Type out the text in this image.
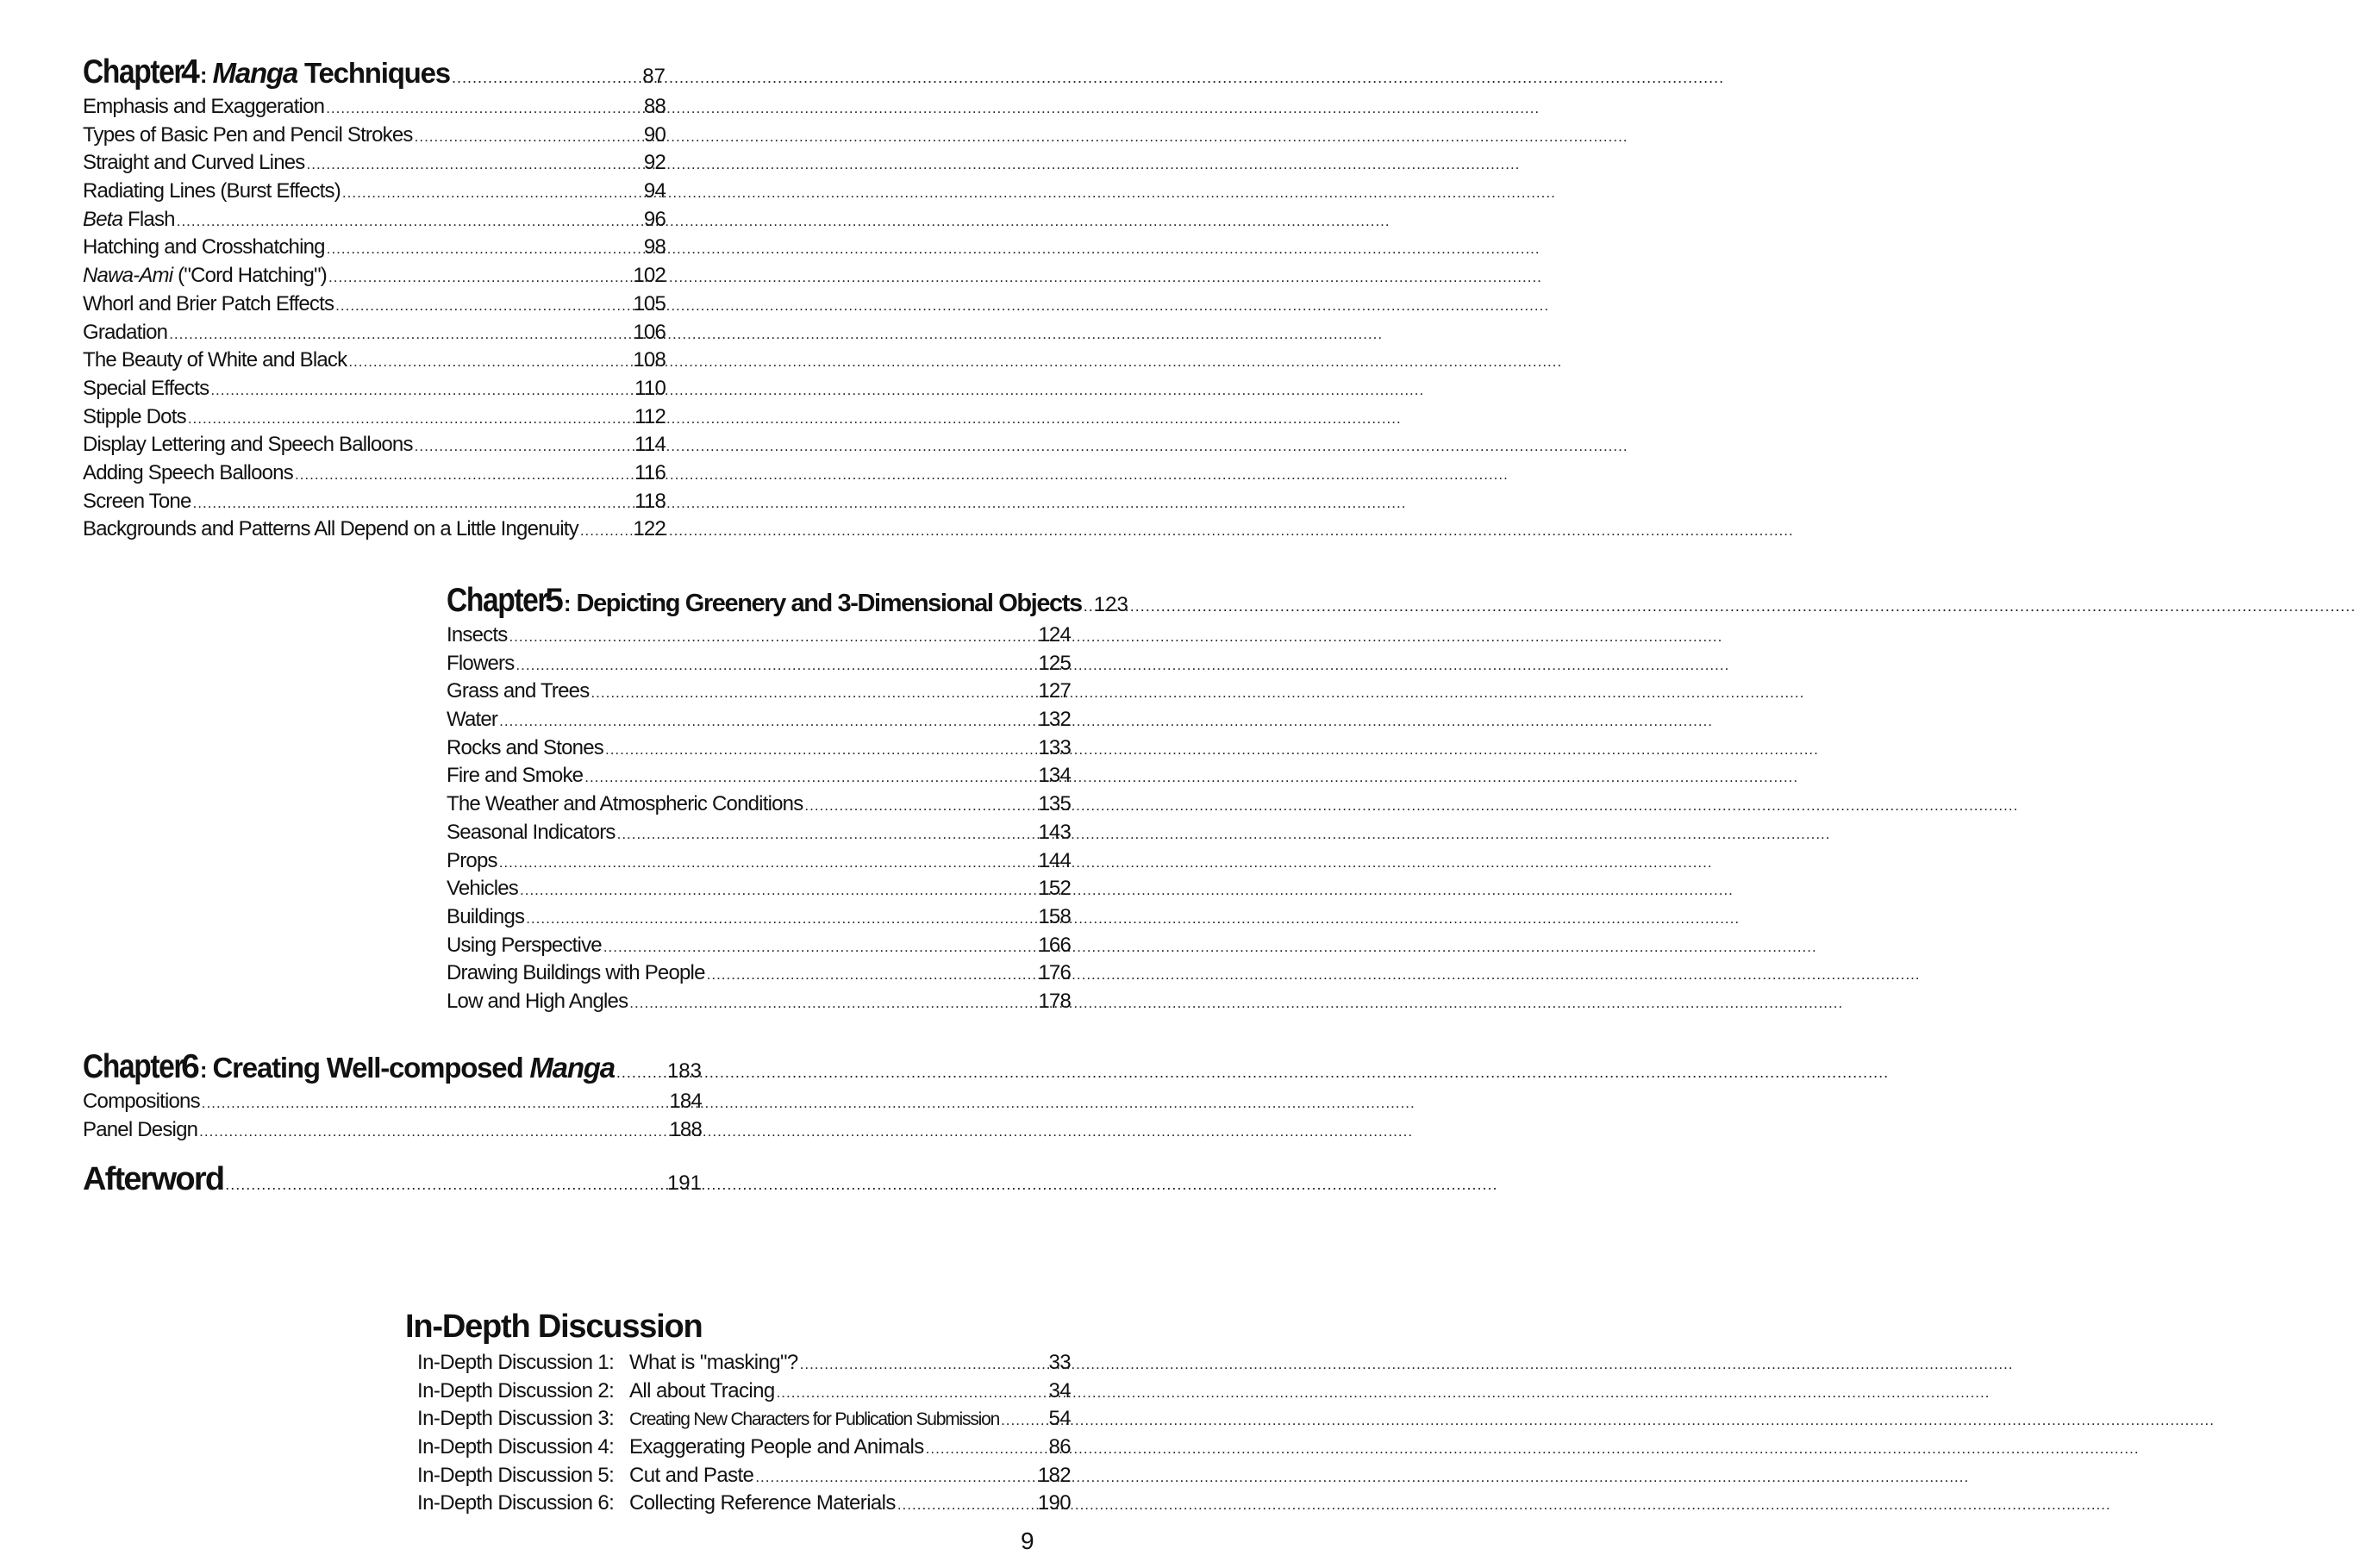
Chapter
4 : Manga Techniques .....	87
Emphasis and Exaggeration .....	88
Types of Basic Pen and Pencil Strokes .....	90
Straight and Curved Lines .....	92
Radiating Lines (Burst Effects) .....	94
Beta Flash .....	96
Hatching and Crosshatching .....	98
Nawa-Ami ("Cord Hatching") .....	102
Whorl and Brier Patch Effects .....	105
Gradation .....	106
The Beauty of White and Black .....	108
Special Effects .....	110
Stipple Dots .....	112
Display Lettering and Speech Balloons .....	114
Adding Speech Balloons .....	116
Screen Tone .....	118
Backgrounds and Patterns All Depend on a Little Ingenuity .....	122
Chapter
5 : Depicting Greenery and 3-Dimensional Objects ..... 123
Insects .....	124
Flowers .....	125
Grass and Trees .....	127
Water .....	132
Rocks and Stones .....	133
Fire and Smoke .....	134
The Weather and Atmospheric Conditions .....	135
Seasonal Indicators .....	143
Props .....	144
Vehicles .....	152
Buildings .....	158
Using Perspective .....	166
Drawing Buildings with People .....	176
Low and High Angles .....	178
Chapter
6 : Creating Well-composed Manga .....	183
Compositions .....	184
Panel Design .....	188
Afterword .....	191
In-Depth Discussion
In-Depth Discussion 1: What is "masking"? .....	33
In-Depth Discussion 2: All about Tracing .....	34
In-Depth Discussion 3: Creating New Characters for Publication Submission ..... 54
In-Depth Discussion 4: Exaggerating People and Animals .....	86
In-Depth Discussion 5: Cut and Paste .....	182
In-Depth Discussion 6: Collecting Reference Materials .....	190
9
